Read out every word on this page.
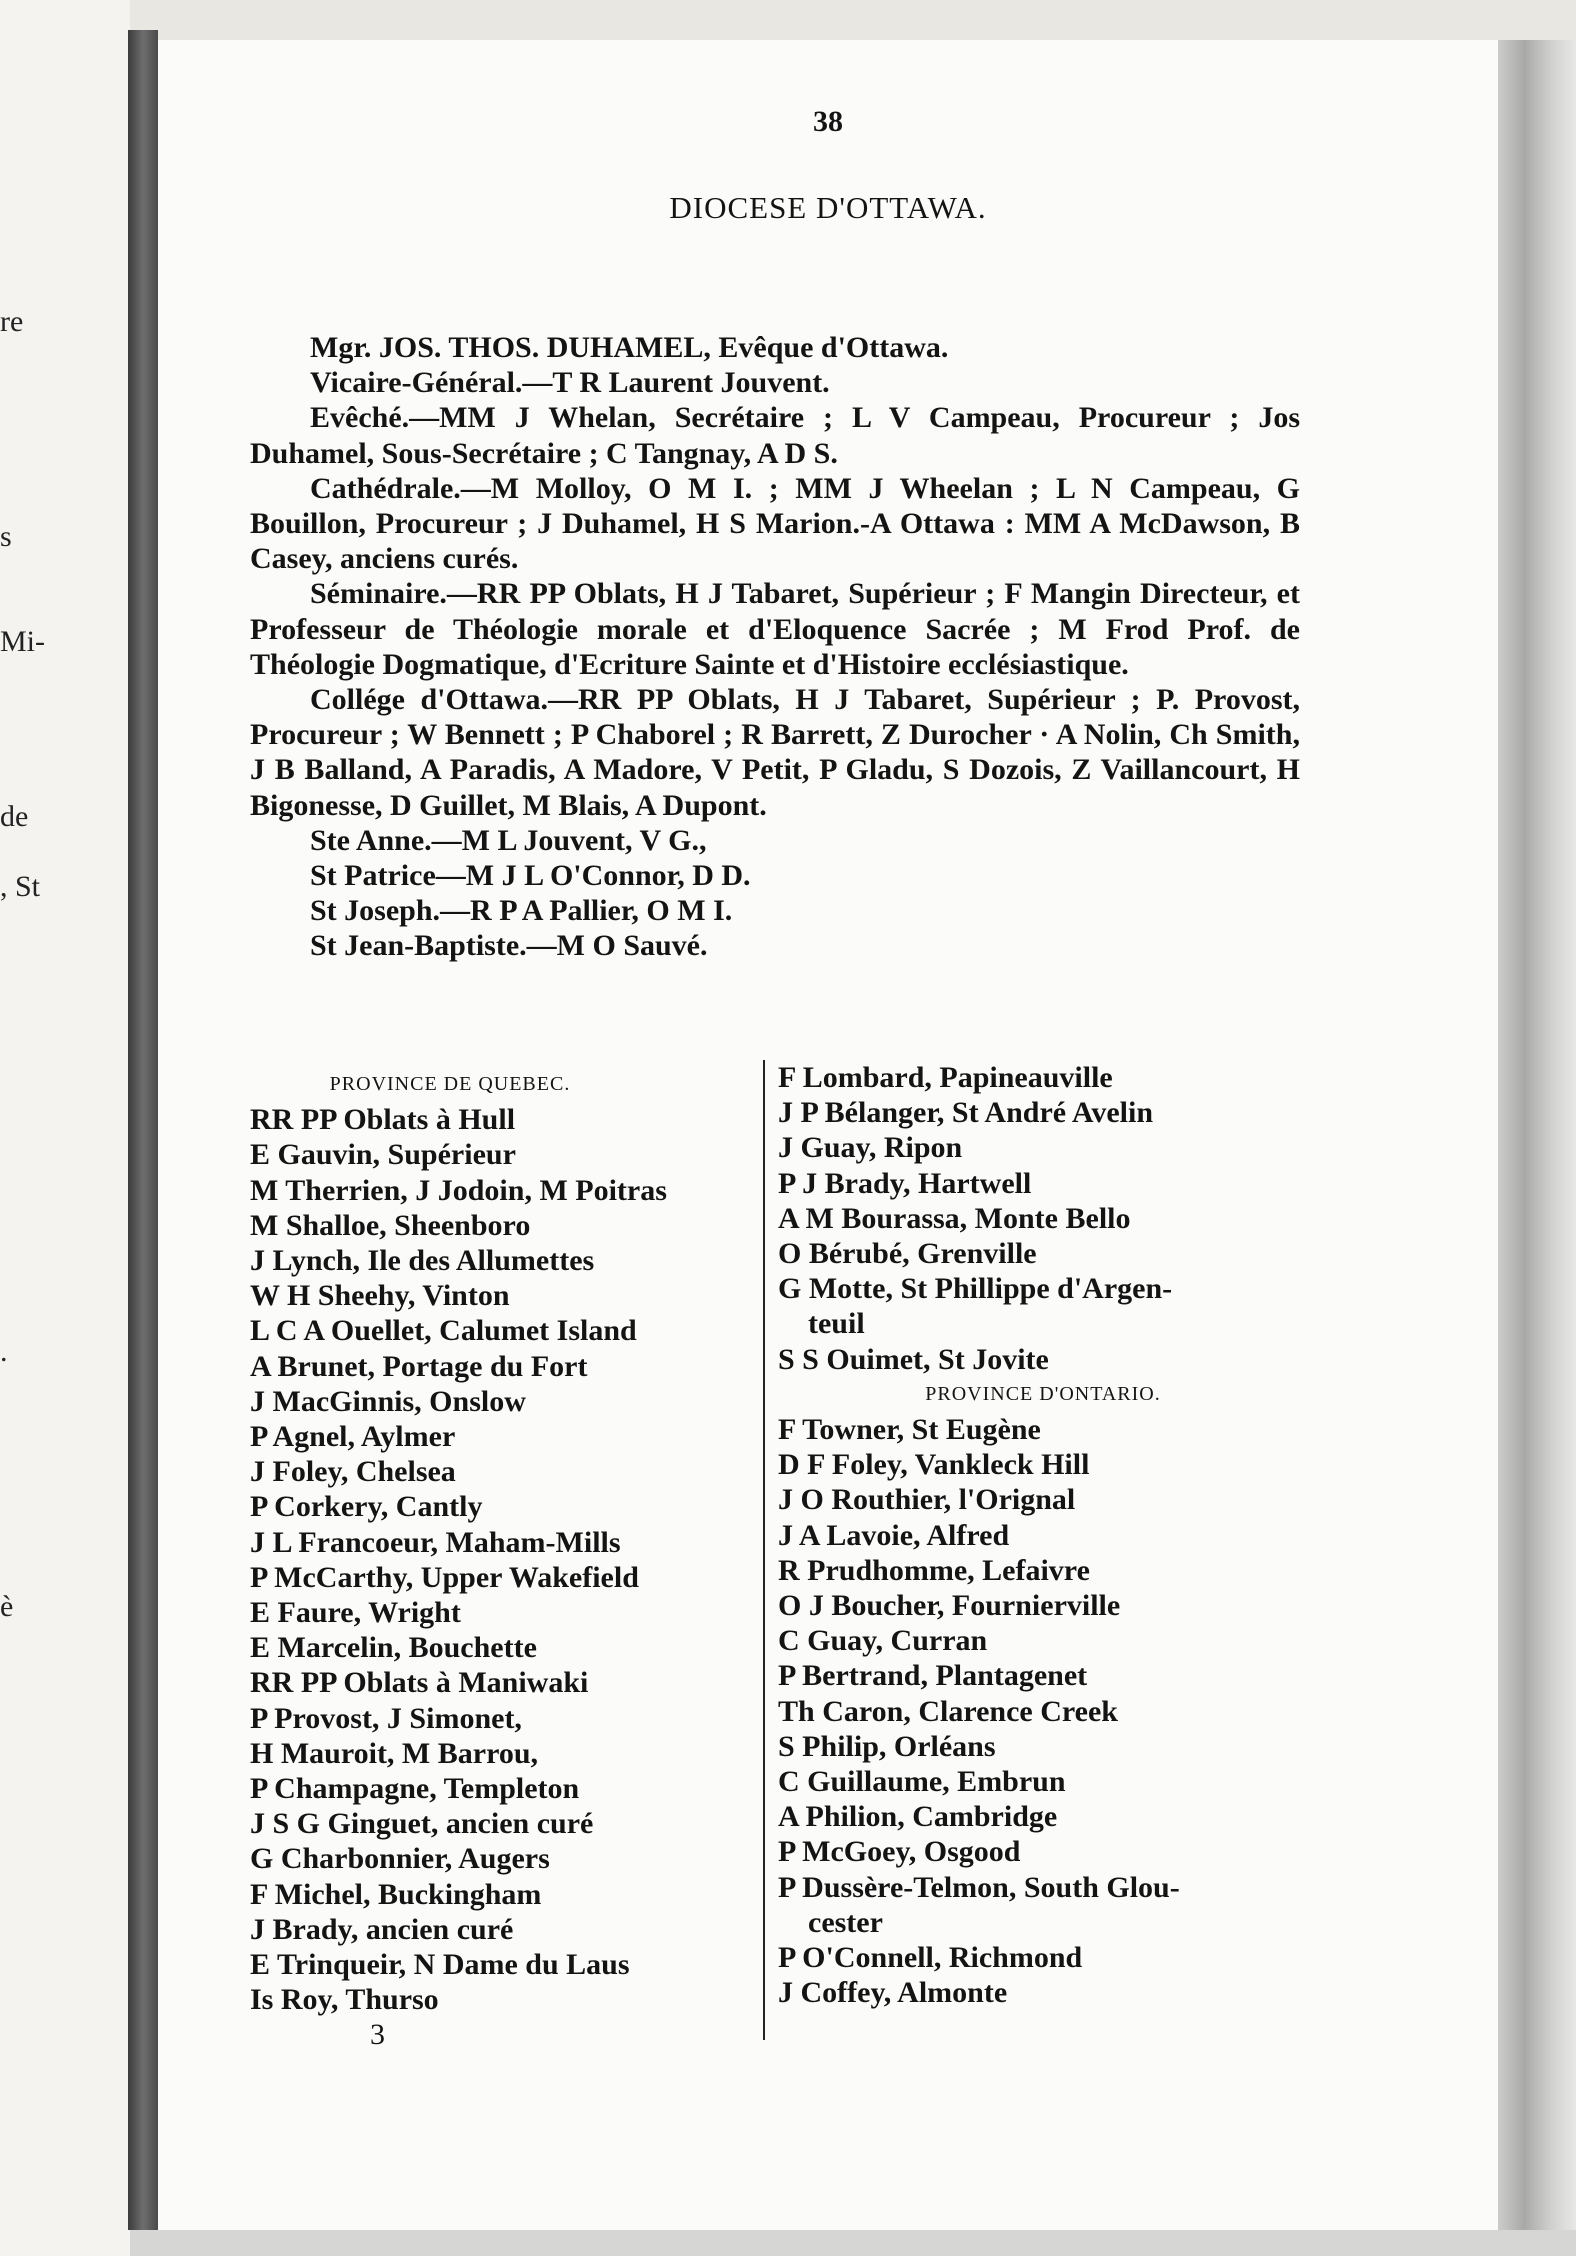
re
s
Mi-
de
, St
.
è
38
DIOCESE D'OTTAWA.

Mgr. JOS. THOS. DUHAMEL, Evêque d'Ottawa.

Vicaire-Général.—T R Laurent Jouvent.

Evêché.—MM J Whelan, Secrétaire ; L V Campeau, Procureur ; Jos Duhamel, Sous-Secrétaire ; C Tangnay, A D S.

Cathédrale.—M Molloy, O M I. ; MM J Wheelan ; L N Campeau, G Bouillon, Procureur ; J Duhamel, H S Marion.-A Ottawa : MM A McDawson, B Casey, anciens curés.

Séminaire.—RR PP Oblats, H J Tabaret, Supérieur ; F Mangin Directeur, et Professeur de Théologie morale et d'Eloquence Sacrée ; M Frod Prof. de Théologie Dogmatique, d'Ecriture Sainte et d'Histoire ecclésiastique.

Collége d'Ottawa.—RR PP Oblats, H J Tabaret, Supérieur ; P. Provost, Procureur ; W Bennett ; P Chaborel ; R Barrett, Z Durocher · A Nolin, Ch Smith, J B Balland, A Paradis, A Madore, V Petit, P Gladu, S Dozois, Z Vaillancourt, H Bigonesse, D Guillet, M Blais, A Dupont.

Ste Anne.—M L Jouvent, V G.,

St Patrice—M J L O'Connor, D D.

St Joseph.—R P A Pallier, O M I.

St Jean-Baptiste.—M O Sauvé.

PROVINCE DE QUEBEC.
RR PP Oblats à Hull
E Gauvin, Supérieur
M Therrien, J Jodoin, M Poitras
M Shalloe, Sheenboro
J Lynch, Ile des Allumettes
W H Sheehy, Vinton
L C A Ouellet, Calumet Island
A Brunet, Portage du Fort
J MacGinnis, Onslow
P Agnel, Aylmer
J Foley, Chelsea
P Corkery, Cantly
J L Francoeur, Maham-Mills
P McCarthy, Upper Wakefield
E Faure, Wright
E Marcelin, Bouchette
RR PP Oblats à Maniwaki
P Provost, J Simonet,
H Mauroit, M Barrou,
P Champagne, Templeton
J S G Ginguet, ancien curé
G Charbonnier, Augers
F Michel, Buckingham
J Brady, ancien curé
E Trinqueir, N Dame du Laus
Is Roy, Thurso
3
F Lombard, Papineauville
J P Bélanger, St André Avelin
J Guay, Ripon
P J Brady, Hartwell
A M Bourassa, Monte Bello
O Bérubé, Grenville
G Motte, St Phillippe d'Argen-
teuil
S S Ouimet, St Jovite
PROVINCE D'ONTARIO.
F Towner, St Eugène
D F Foley, Vankleck Hill
J O Routhier, l'Orignal
J A Lavoie, Alfred
R Prudhomme, Lefaivre
O J Boucher, Fournierville
C Guay, Curran
P Bertrand, Plantagenet
Th Caron, Clarence Creek
S Philip, Orléans
C Guillaume, Embrun
A Philion, Cambridge
P McGoey, Osgood
P Dussère-Telmon, South Glou-
cester
P O'Connell, Richmond
J Coffey, Almonte
